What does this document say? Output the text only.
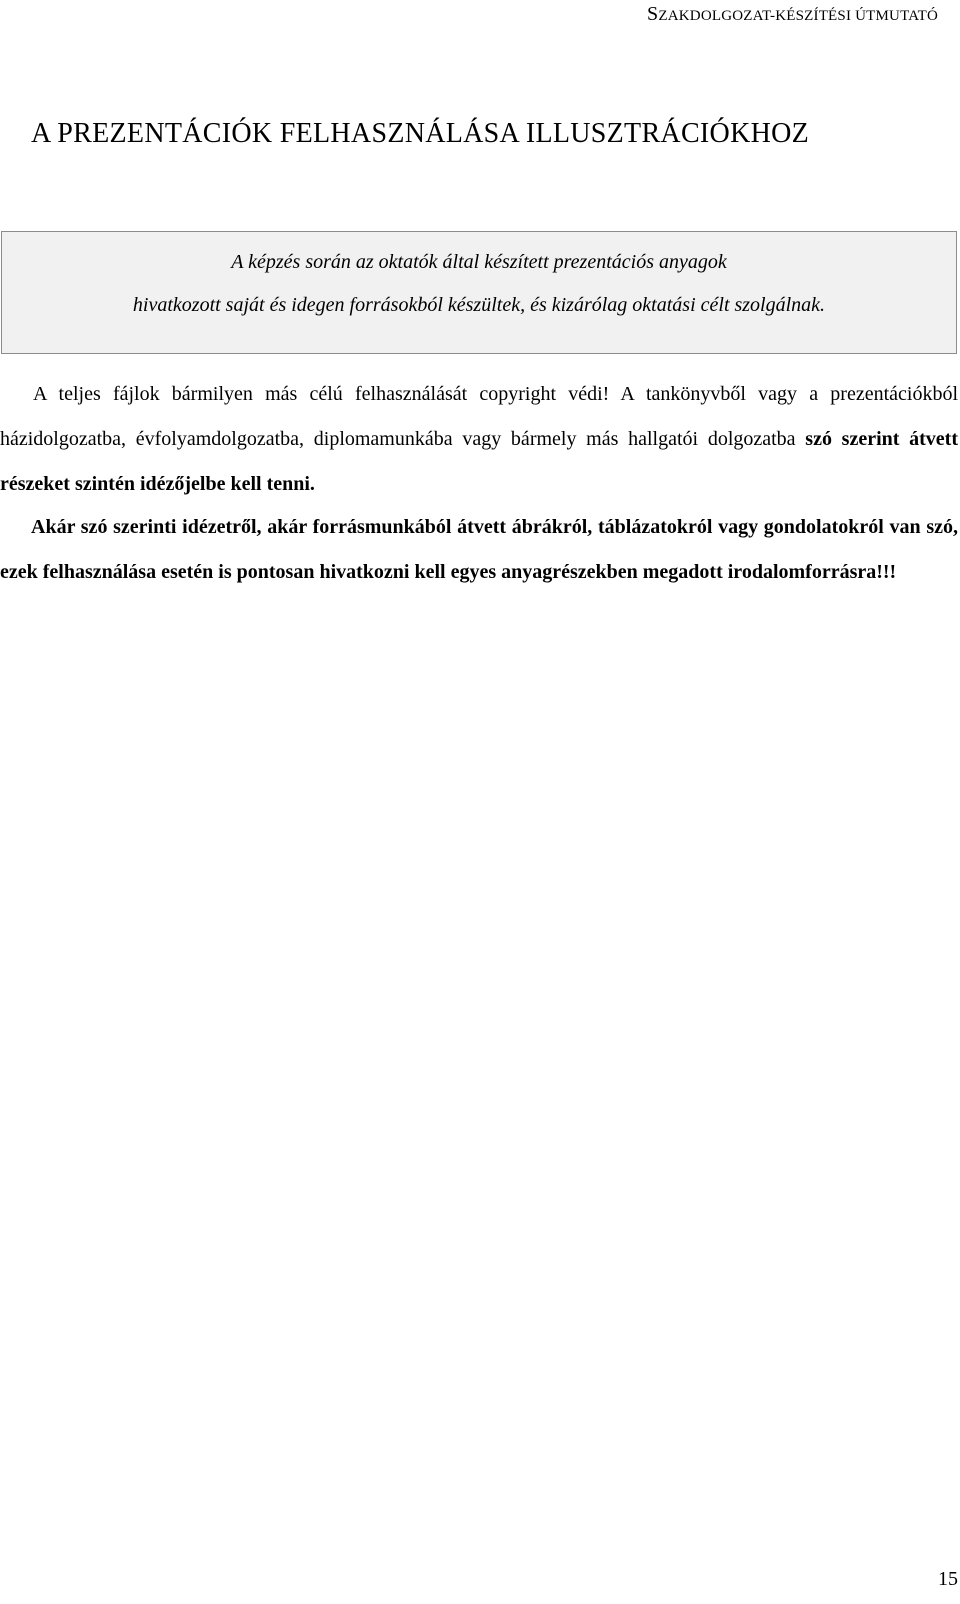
SZAKDOLGOZAT-KÉSZÍTÉSI ÚTMUTATÓ
A PREZENTÁCIÓK FELHASZNÁLÁSA ILLUSZTRÁCIÓKHOZ
A képzés során az oktatók által készített prezentációs anyagok
hivatkozott saját és idegen forrásokból készültek, és kizárólag oktatási célt szolgálnak.

A teljes fájlok bármilyen más célú felhasználását copyright védi! A tankönyvből vagy a prezentációkból házidolgozatba, évfolyamdolgozatba, diplomamunkába vagy bármely más hallgatói dolgozatba szó szerint átvett részeket szintén idézőjelbe kell tenni.

Akár szó szerinti idézetről, akár forrásmunkából átvett ábrákról, táblázatokról vagy gondolatokról van szó, ezek felhasználása esetén is pontosan hivatkozni kell egyes anyagrészekben megadott irodalomforrásra!!!

15
